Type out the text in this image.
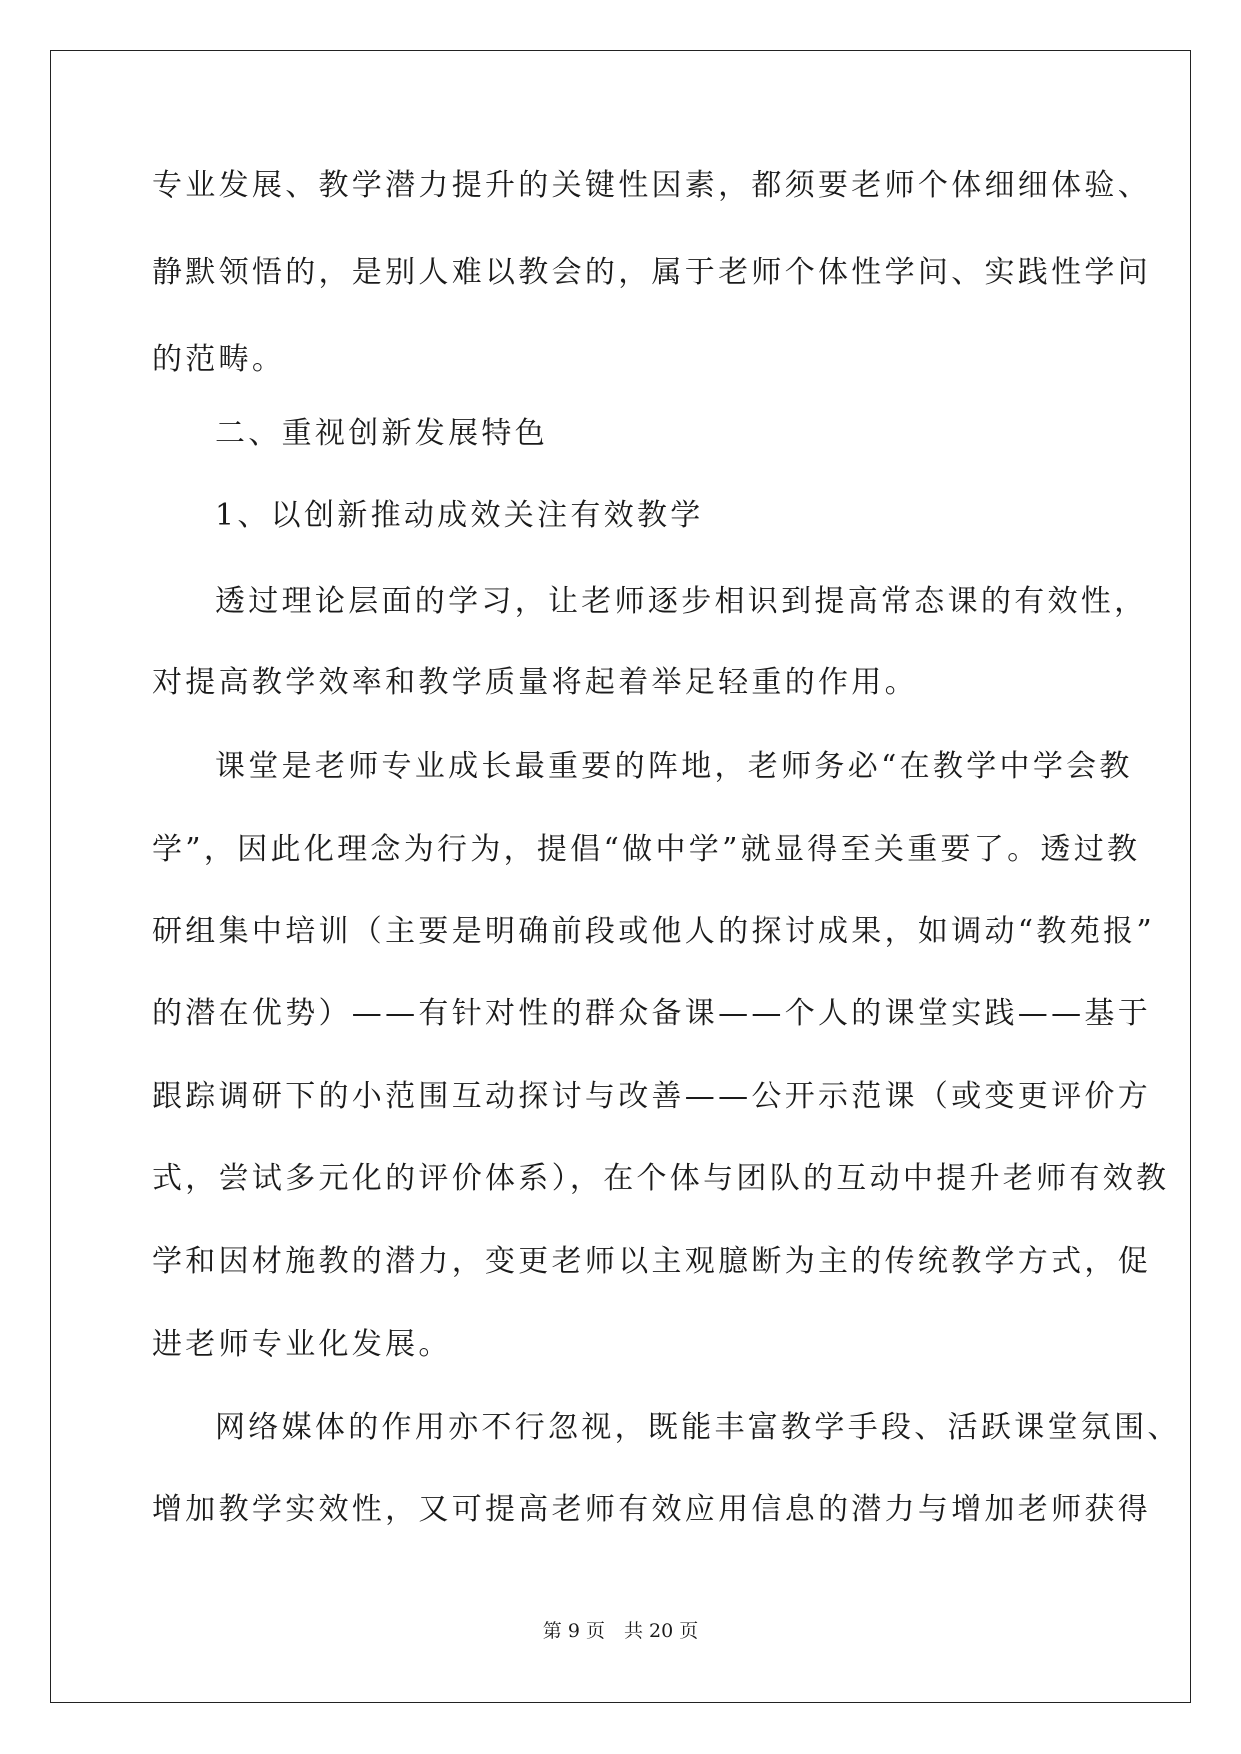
专业发展、教学潜力提升的关键性因素，都须要老师个体细细体验、
静默领悟的，是别人难以教会的，属于老师个体性学问、实践性学问
的范畴。
二、重视创新发展特色
1、以创新推动成效关注有效教学
透过理论层面的学习，让老师逐步相识到提高常态课的有效性，
对提高教学效率和教学质量将起着举足轻重的作用。
课堂是老师专业成长最重要的阵地，老师务必“在教学中学会教
学”，因此化理念为行为，提倡“做中学”就显得至关重要了。透过教
研组集中培训（主要是明确前段或他人的探讨成果，如调动“教苑报”
的潜在优势）——有针对性的群众备课——个人的课堂实践——基于
跟踪调研下的小范围互动探讨与改善——公开示范课（或变更评价方
式，尝试多元化的评价体系），在个体与团队的互动中提升老师有效教
学和因材施教的潜力，变更老师以主观臆断为主的传统教学方式，促
进老师专业化发展。
网络媒体的作用亦不行忽视，既能丰富教学手段、活跃课堂氛围、
增加教学实效性，又可提高老师有效应用信息的潜力与增加老师获得
第 9 页　共 20 页
